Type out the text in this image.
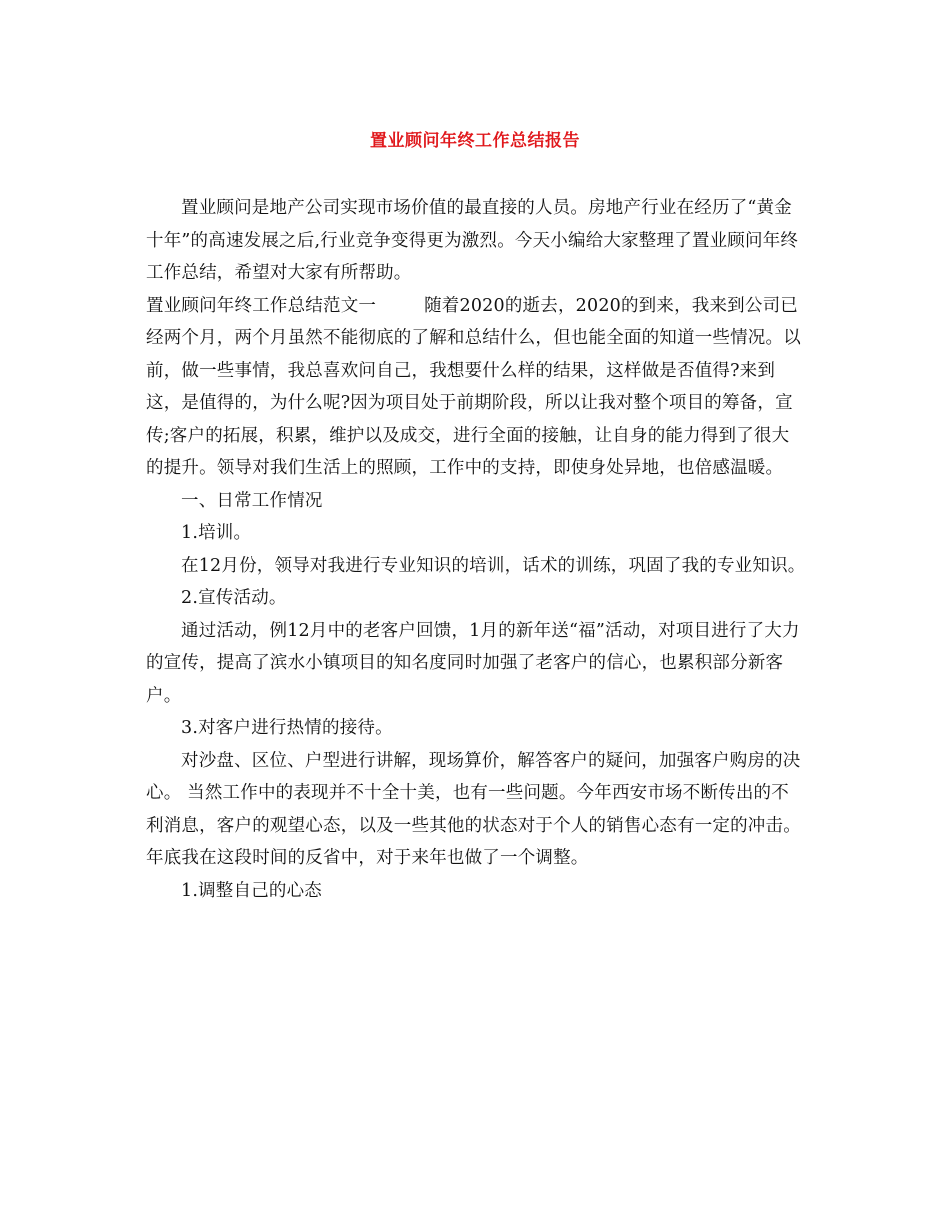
置业顾问年终工作总结报告

置业顾问是地产公司实现市场价值的最直接的人员。房地产行业在经历了“黄金十年”的高速发展之后,行业竞争变得更为激烈。今天小编给大家整理了置业顾问年终工作总结，希望对大家有所帮助。

置业顾问年终工作总结范文一	随着2020的逝去，2020的到来，我来到公司已经两个月，两个月虽然不能彻底的了解和总结什么，但也能全面的知道一些情况。以前，做一些事情，我总喜欢问自己，我想要什么样的结果，这样做是否值得?来到这，是值得的，为什么呢?因为项目处于前期阶段，所以让我对整个项目的筹备，宣传;客户的拓展，积累，维护以及成交，进行全面的接触，让自身的能力得到了很大的提升。领导对我们生活上的照顾，工作中的支持，即使身处异地，也倍感温暖。

一、日常工作情况

1.培训。

在12月份，领导对我进行专业知识的培训，话术的训练，巩固了我的专业知识。

2.宣传活动。

通过活动，例12月中的老客户回馈，1月的新年送“福”活动，对项目进行了大力的宣传，提高了滨水小镇项目的知名度同时加强了老客户的信心，也累积部分新客户。

3.对客户进行热情的接待。

对沙盘、区位、户型进行讲解，现场算价，解答客户的疑问，加强客户购房的决心。 当然工作中的表现并不十全十美，也有一些问题。今年西安市场不断传出的不利消息，客户的观望心态，以及一些其他的状态对于个人的销售心态有一定的冲击。年底我在这段时间的反省中，对于来年也做了一个调整。

1.调整自己的心态
